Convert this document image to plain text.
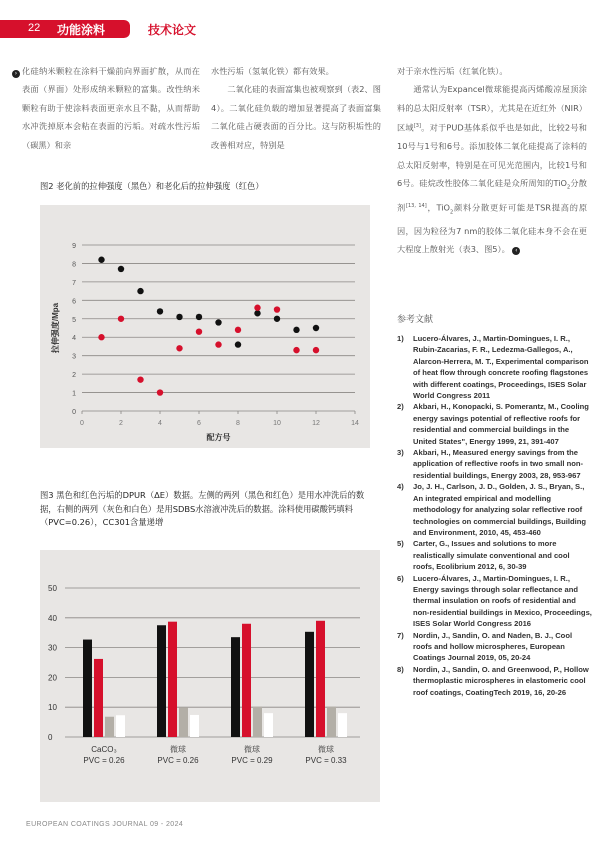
22 功能涂料	技术论文
› 化硅纳米颗粒在涂料干燥前向界面扩散，从而在表面（界面）处形成纳米颗粒的富集。改性纳米颗粒有助于使涂料表面更亲水且不黏，从而帮助水冲洗掉原本会粘在表面的污垢。对疏水性污垢（碳黑）和亲

水性污垢（氢氧化铁）都有效果。

二氧化硅的表面富集也被观察到（表2、图4）。二氧化硅负载的增加显著提高了表面富集二氧化硅占硬表面的百分比。这与防积垢性的改善相对应，特别是

对于亲水性污垢（红氧化铁）。

通常认为Expancel微球能提高丙烯酸凉屋顶涂料的总太阳反射率（TSR），尤其是在近红外（NIR）区域[3]。对于PUD基体系似乎也是如此，比较2号和10号与1号和6号。添加胶体二氧化硅提高了涂料的总太阳反射率，特别是在可见光范围内，比较1号和6号。硅烷改性胶体二氧化硅是众所周知的TiO$_2$分散剂[13, 14]，TiO$_2$颜料分散更好可能是TSR提高的原因，因为粒径为7 nm的胶体二氧化硅本身不会在更大程度上散射光（表3、图5）。 ‹

图2 老化前的拉伸强度（黑色）和老化后的拉伸强度（红色）
0
1
2
3
4
5
6
7
8
9
0	2	4	6	8	10	12	14
配方号
拉伸强度/Mpa
图3 黑色和红色污垢的DPUR（ΔE）数据。左侧的两列（黑色和红色）是用水冲洗后的数据，右侧的两列（灰色和白色）是用SDBS水溶液冲洗后的数据。涂料使用碳酸钙填料（PVC=0.26），CC301含量递增
0
10
20
30
40
50
CaCO₃
PVC = 0.26
微球
PVC = 0.26
微球
PVC = 0.29
微球
PVC = 0.33
参考文献
1) Lucero-Álvares, J., Martin-Domingues, I. R., Rubin-Zacarias, F. R., Ledezma-Gallegos, A., Alarcon-Herrera, M. T., Experimental comparison of heat flow through concrete roofing flagstones with different coatings, Proceedings, ISES Solar World Congress 2011
2) Akbari, H., Konopacki, S. Pomerantz, M., Cooling energy savings potential of reflective roofs for residential and commercial buildings in the United States", Energy 1999, 21, 391-407
3) Akbari, H., Measured energy savings from the application of reflective roofs in two small non-residential buildings, Energy 2003, 28, 953-967
4) Jo, J. H., Carlson, J. D., Golden, J. S., Bryan, S., An integrated empirical and modelling methodology for analyzing solar reflective roof technologies on commercial buildings, Building and Environment, 2010, 45, 453-460
5) Carter, G., Issues and solutions to more realistically simulate conventional and cool roofs, Ecolibrium 2012, 6, 30-39
6) Lucero-Álvares, J., Martin-Domingues, I. R., Energy savings through solar reflectance and thermal insulation on roofs of residential and non-residential buildings in Mexico, Proceedings, ISES Solar World Congress 2016
7) Nordin, J., Sandin, O. and Naden, B. J., Cool roofs and hollow microspheres, European Coatings Journal 2019, 05, 20-24
8) Nordin, J., Sandin, O. and Greenwood, P., Hollow thermoplastic microspheres in elastomeric cool roof coatings, CoatingTech 2019, 16, 20-26
EUROPEAN COATINGS JOURNAL 09 - 2024
